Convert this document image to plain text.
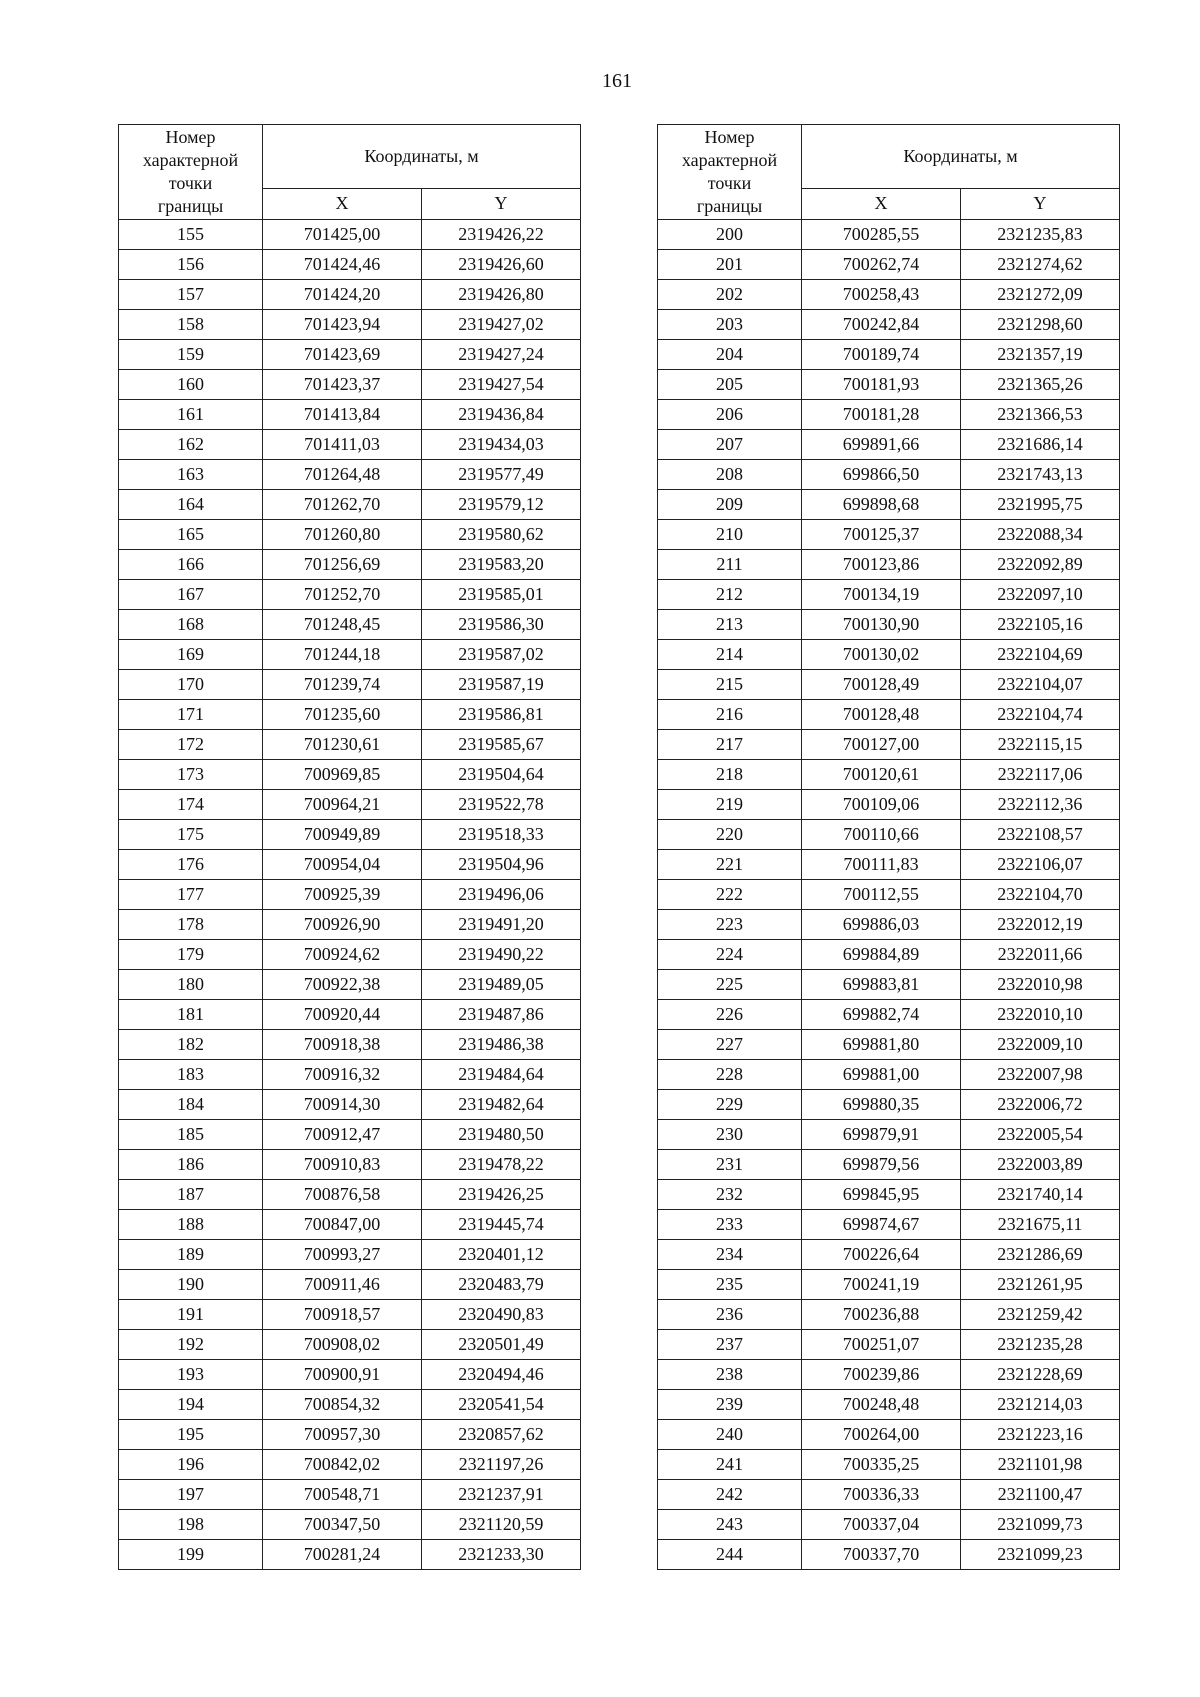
161
Номер
характерной
точки
границы	Координаты, м	
	X	Y
155	701425,00	2319426,22
156	701424,46	2319426,60
157	701424,20	2319426,80
158	701423,94	2319427,02
159	701423,69	2319427,24
160	701423,37	2319427,54
161	701413,84	2319436,84
162	701411,03	2319434,03
163	701264,48	2319577,49
164	701262,70	2319579,12
165	701260,80	2319580,62
166	701256,69	2319583,20
167	701252,70	2319585,01
168	701248,45	2319586,30
169	701244,18	2319587,02
170	701239,74	2319587,19
171	701235,60	2319586,81
172	701230,61	2319585,67
173	700969,85	2319504,64
174	700964,21	2319522,78
175	700949,89	2319518,33
176	700954,04	2319504,96
177	700925,39	2319496,06
178	700926,90	2319491,20
179	700924,62	2319490,22
180	700922,38	2319489,05
181	700920,44	2319487,86
182	700918,38	2319486,38
183	700916,32	2319484,64
184	700914,30	2319482,64
185	700912,47	2319480,50
186	700910,83	2319478,22
187	700876,58	2319426,25
188	700847,00	2319445,74
189	700993,27	2320401,12
190	700911,46	2320483,79
191	700918,57	2320490,83
192	700908,02	2320501,49
193	700900,91	2320494,46
194	700854,32	2320541,54
195	700957,30	2320857,62
196	700842,02	2321197,26
197	700548,71	2321237,91
198	700347,50	2321120,59
199	700281,24	2321233,30
Номер
характерной
точки
границы	Координаты, м	
	X	Y
200	700285,55	2321235,83
201	700262,74	2321274,62
202	700258,43	2321272,09
203	700242,84	2321298,60
204	700189,74	2321357,19
205	700181,93	2321365,26
206	700181,28	2321366,53
207	699891,66	2321686,14
208	699866,50	2321743,13
209	699898,68	2321995,75
210	700125,37	2322088,34
211	700123,86	2322092,89
212	700134,19	2322097,10
213	700130,90	2322105,16
214	700130,02	2322104,69
215	700128,49	2322104,07
216	700128,48	2322104,74
217	700127,00	2322115,15
218	700120,61	2322117,06
219	700109,06	2322112,36
220	700110,66	2322108,57
221	700111,83	2322106,07
222	700112,55	2322104,70
223	699886,03	2322012,19
224	699884,89	2322011,66
225	699883,81	2322010,98
226	699882,74	2322010,10
227	699881,80	2322009,10
228	699881,00	2322007,98
229	699880,35	2322006,72
230	699879,91	2322005,54
231	699879,56	2322003,89
232	699845,95	2321740,14
233	699874,67	2321675,11
234	700226,64	2321286,69
235	700241,19	2321261,95
236	700236,88	2321259,42
237	700251,07	2321235,28
238	700239,86	2321228,69
239	700248,48	2321214,03
240	700264,00	2321223,16
241	700335,25	2321101,98
242	700336,33	2321100,47
243	700337,04	2321099,73
244	700337,70	2321099,23
